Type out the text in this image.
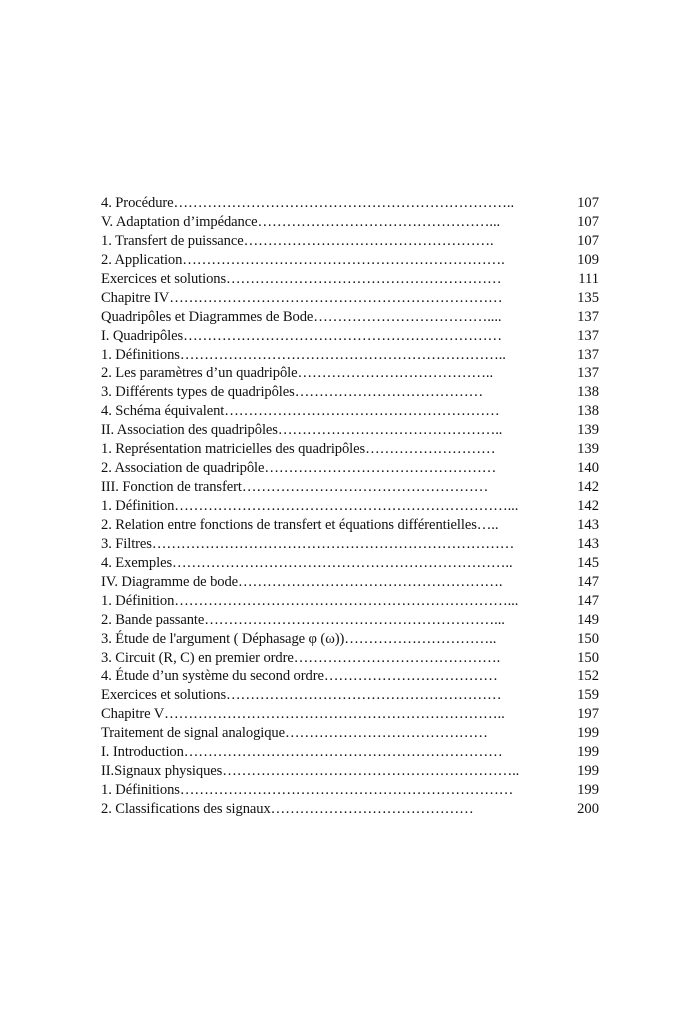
4. Procédure……………………………………………………………..	107
V. Adaptation d’impédance…………………………………………...	107
1. Transfert de puissance…………………………………………….	107
2. Application………………………………………………………….	109
Exercices et solutions…………………………………………………	111
Chapitre IV……………………………………………………………	135
Quadripôles et Diagrammes de Bode………………………………....	137
I. Quadripôles…………………………………………………………	137
1. Définitions…………………………………………………………..	137
2. Les paramètres d’un quadripôle…………………………………..	137
3. Différents types de quadripôles…………………………………	138
4. Schéma équivalent…………………………………………………	138
II. Association des quadripôles………………………………………..	139
1. Représentation matricielles des quadripôles………………………	139
2. Association de quadripôle…………………………………………	140
III. Fonction de transfert……………………………………………	142
1. Définition……………………………………………………………...	142
2. Relation entre fonctions de transfert et équations différentielles…..	143
3. Filtres…………………………………………………………………	143
4. Exemples……………………………………………………………..	145
IV. Diagramme de bode……………………………………………….	147
1. Définition……………………………………………………………...	147
2. Bande passante……………………………………………………...	149
3. Étude de l'argument ( Déphasage φ (ω))…………………………..	150
3. Circuit (R, C) en premier ordre…………………………………….	150
4. Étude d’un système du second ordre………………………………	152
Exercices et solutions…………………………………………………	159
Chapitre V……………………………………………………………..	197
Traitement de signal analogique……………………………………	199
I. Introduction…………………………………………………………	199
II.Signaux physiques……………………………………………………..	199
1. Définitions……………………………………………………………	199
2. Classifications des signaux……………………………………	200
